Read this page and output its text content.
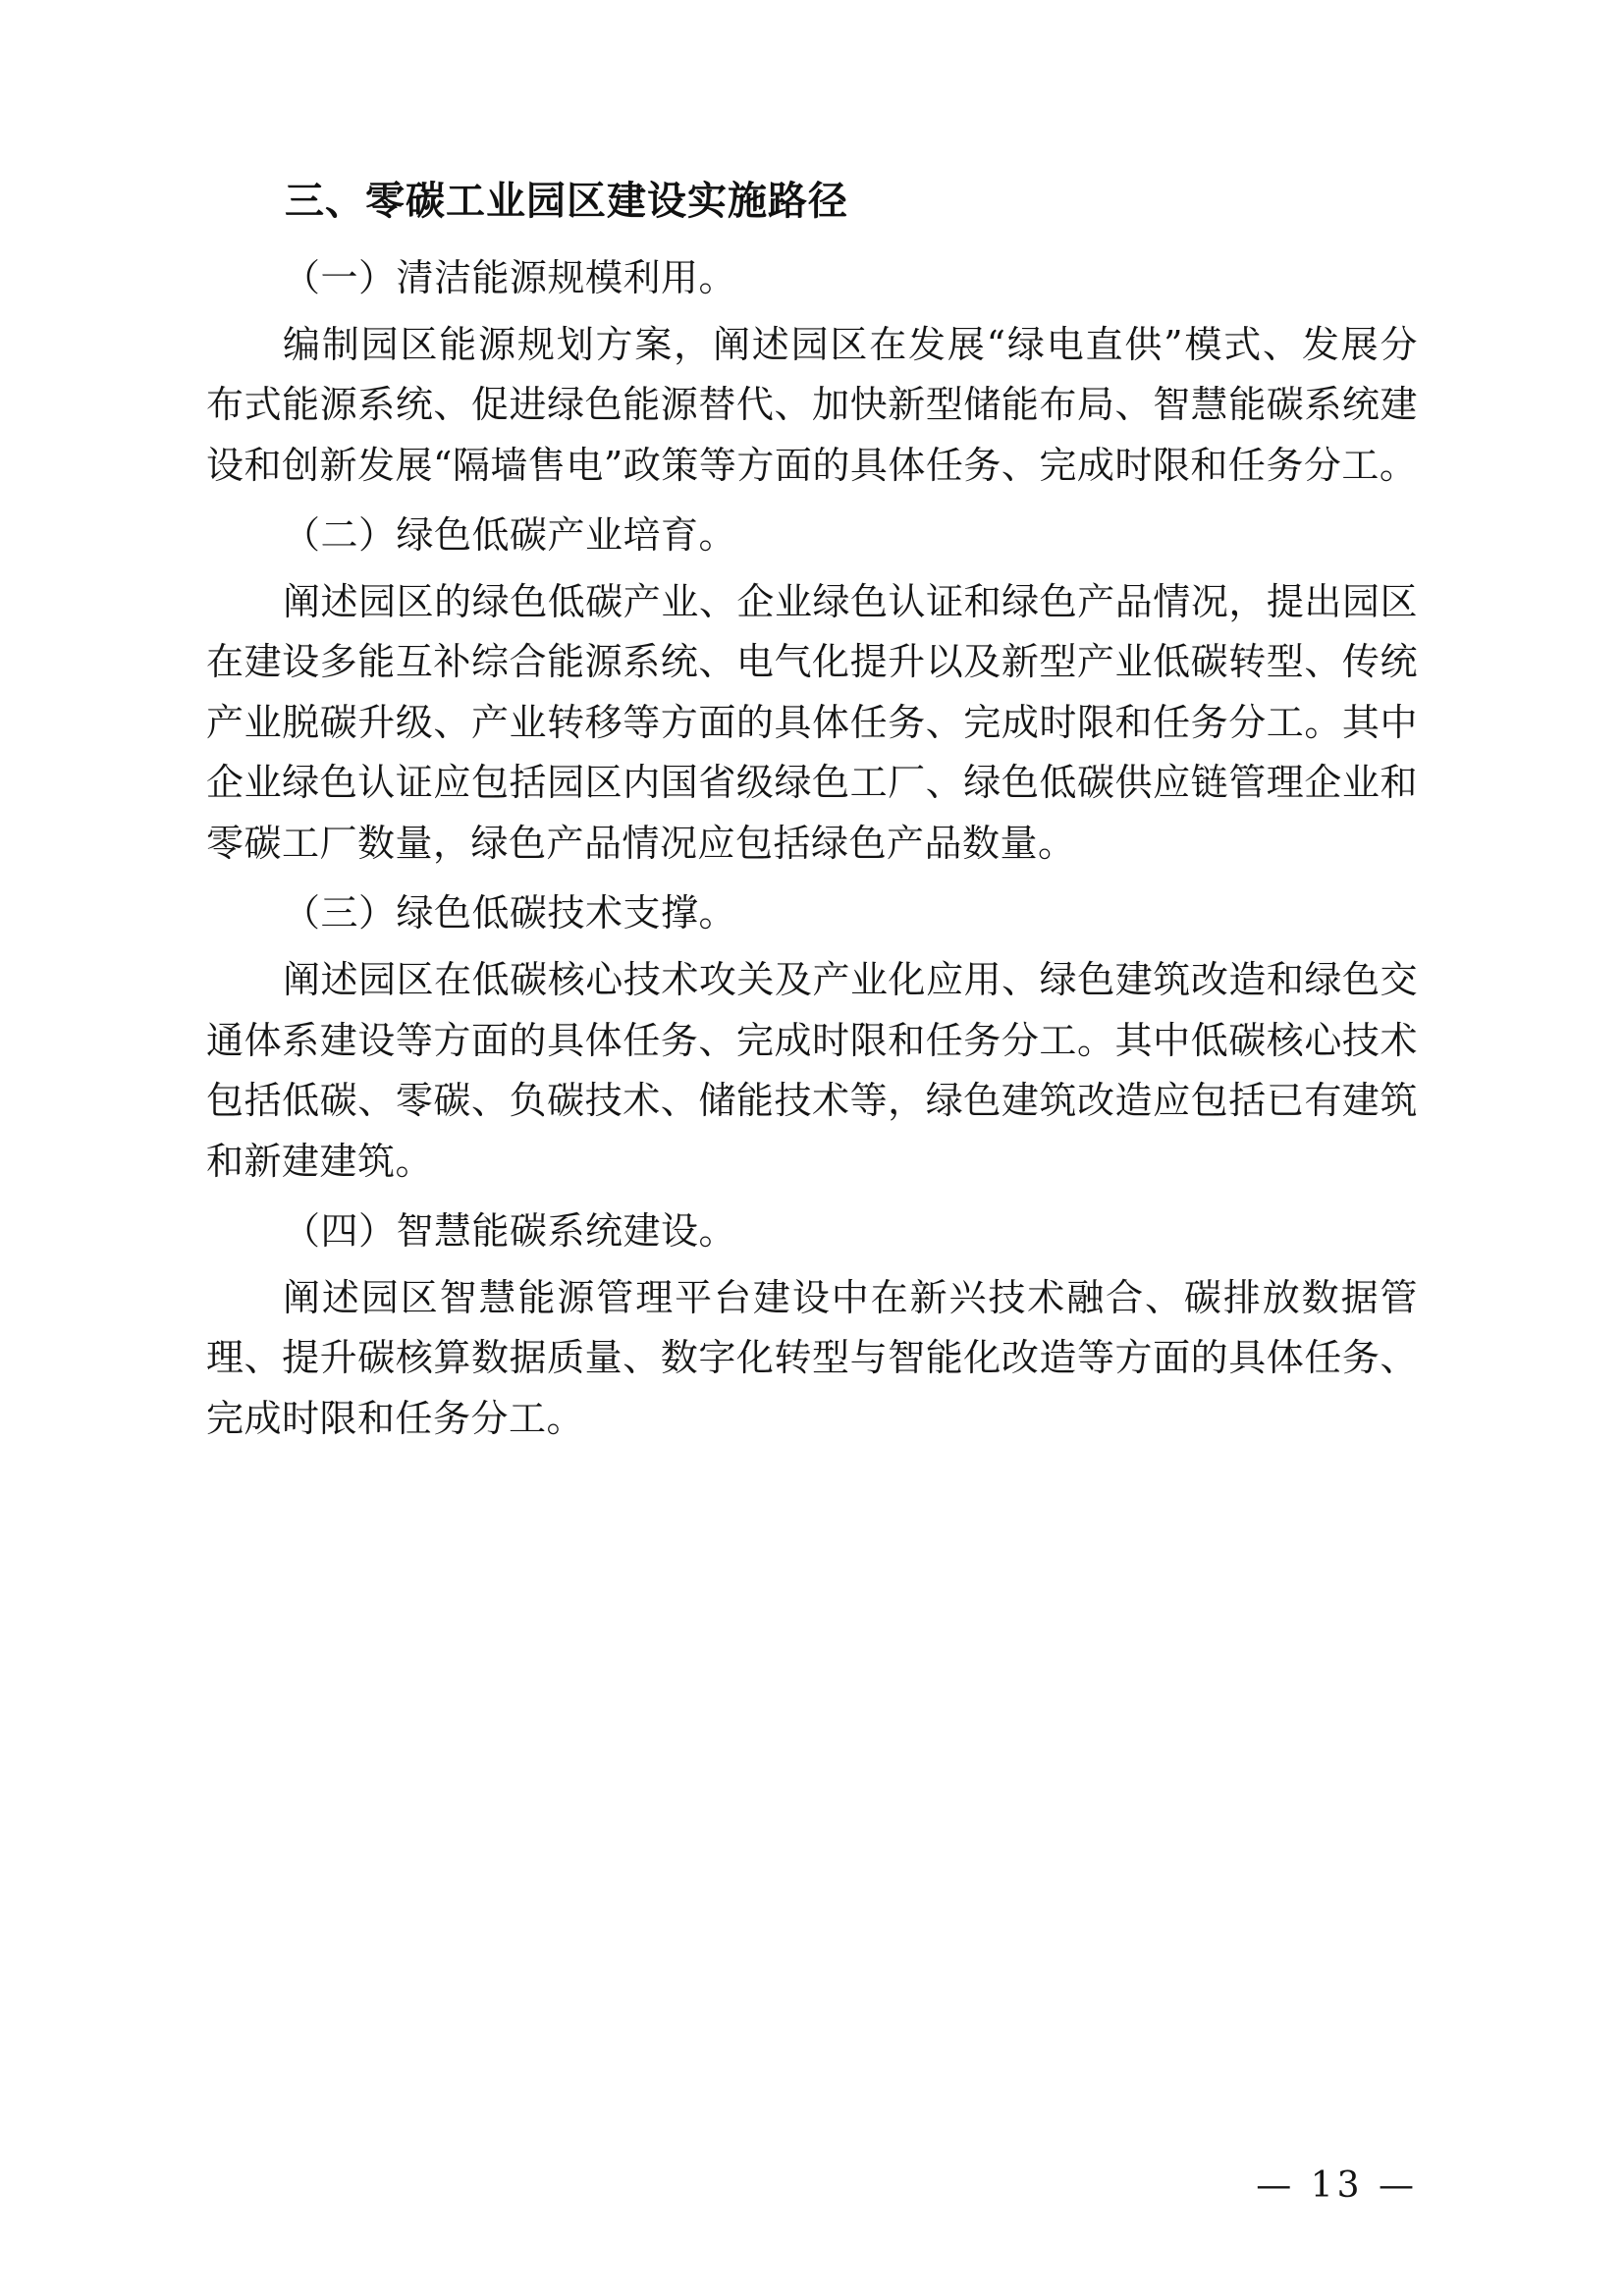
三、零碳工业园区建设实施路径
（一）清洁能源规模利用。

编制园区能源规划方案，阐述园区在发展“绿电直供”模式、发展分布式能源系统、促进绿色能源替代、加快新型储能布局、智慧能碳系统建设和创新发展“隔墙售电”政策等方面的具体任务、完成时限和任务分工。

（二）绿色低碳产业培育。

阐述园区的绿色低碳产业、企业绿色认证和绿色产品情况，提出园区在建设多能互补综合能源系统、电气化提升以及新型产业低碳转型、传统产业脱碳升级、产业转移等方面的具体任务、完成时限和任务分工。其中企业绿色认证应包括园区内国省级绿色工厂、绿色低碳供应链管理企业和零碳工厂数量，绿色产品情况应包括绿色产品数量。

（三）绿色低碳技术支撑。

阐述园区在低碳核心技术攻关及产业化应用、绿色建筑改造和绿色交通体系建设等方面的具体任务、完成时限和任务分工。其中低碳核心技术包括低碳、零碳、负碳技术、储能技术等，绿色建筑改造应包括已有建筑和新建建筑。

（四）智慧能碳系统建设。

阐述园区智慧能源管理平台建设中在新兴技术融合、碳排放数据管理、提升碳核算数据质量、数字化转型与智能化改造等方面的具体任务、完成时限和任务分工。

— 13 —
